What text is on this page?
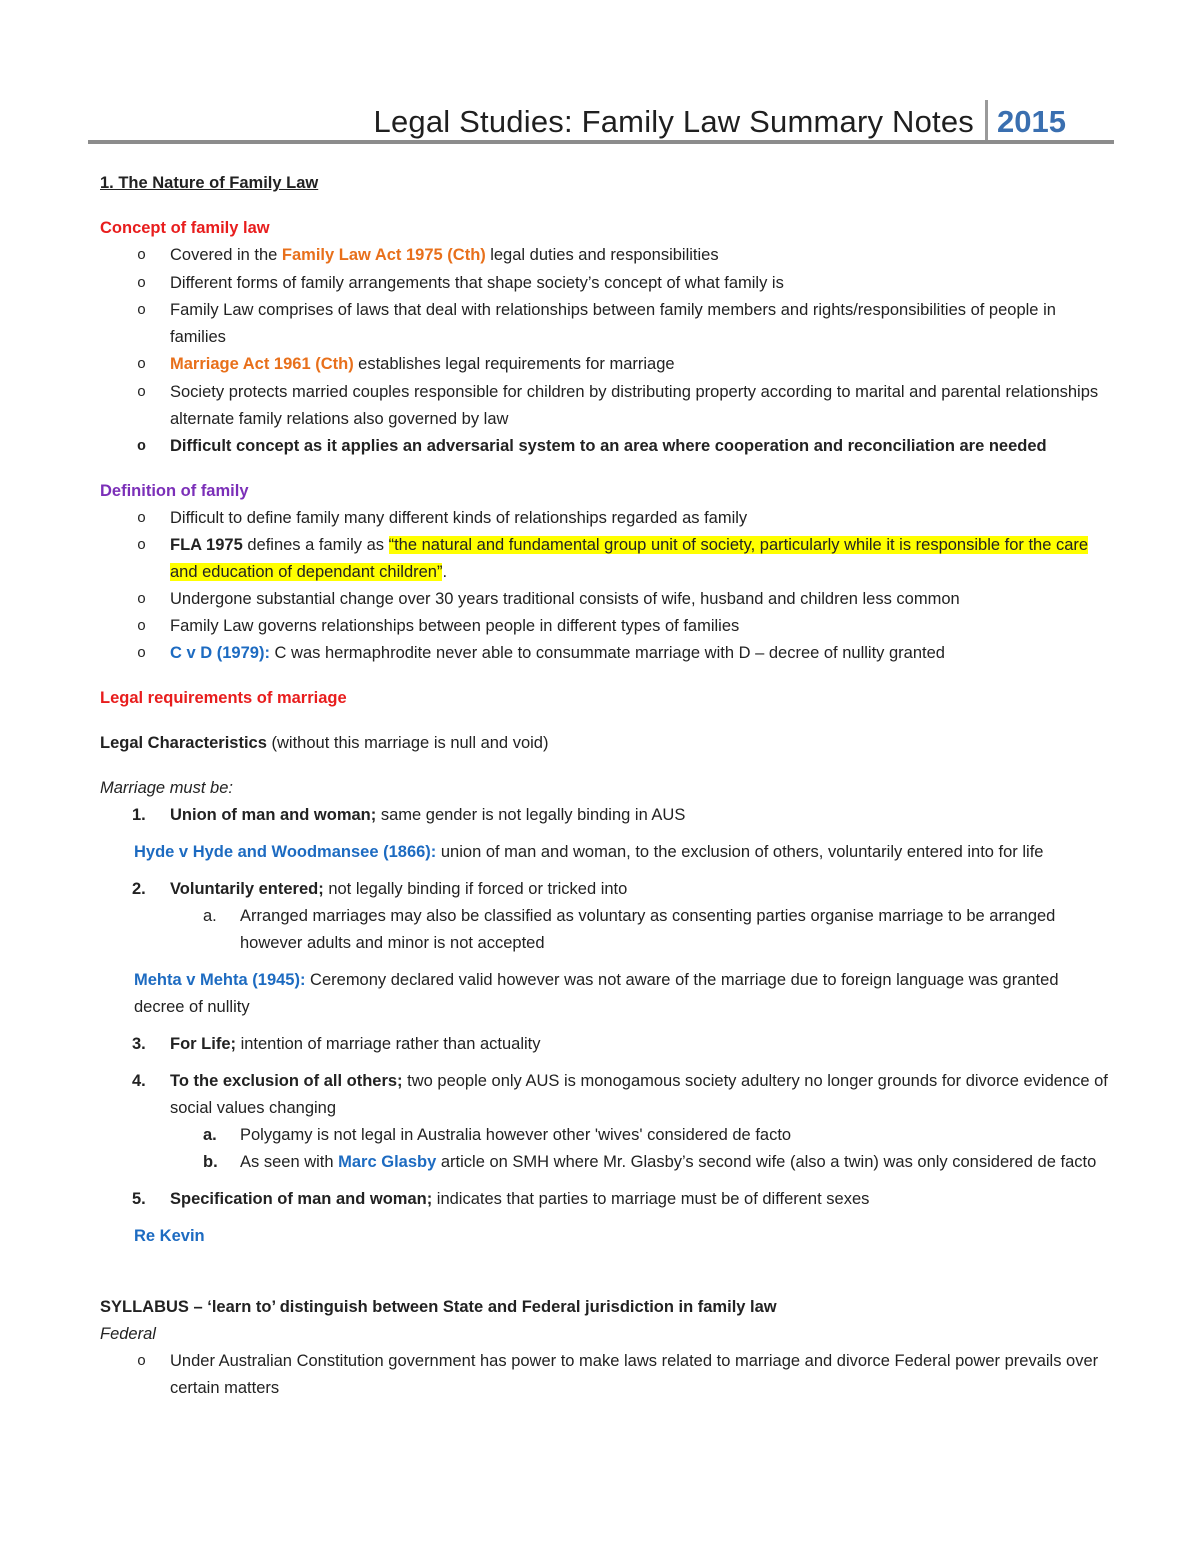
Legal Studies: Family Law Summary Notes 2015
1. The Nature of Family Law
Concept of family law
o Covered in the Family Law Act 1975 (Cth) legal duties and responsibilities
o Different forms of family arrangements that shape society’s concept of what family is
o Family Law comprises of laws that deal with relationships between family members and rights/responsibilities of people in families
o Marriage Act 1961 (Cth) establishes legal requirements for marriage
o Society protects married couples responsible for children by distributing property according to marital and parental relationships alternate family relations also governed by law
o Difficult concept as it applies an adversarial system to an area where cooperation and reconciliation are needed
Definition of family
o Difficult to define family many different kinds of relationships regarded as family
o FLA 1975 defines a family as “the natural and fundamental group unit of society, particularly while it is responsible for the care and education of dependant children”.
o Undergone substantial change over 30 years traditional consists of wife, husband and children less common
o Family Law governs relationships between people in different types of families
o C v D (1979): C was hermaphrodite never able to consummate marriage with D – decree of nullity granted
Legal requirements of marriage
Legal Characteristics (without this marriage is null and void)
Marriage must be:
1. Union of man and woman; same gender is not legally binding in AUS
Hyde v Hyde and Woodmansee (1866): union of man and woman, to the exclusion of others, voluntarily entered into for life
2. Voluntarily entered; not legally binding if forced or tricked into
a. Arranged marriages may also be classified as voluntary as consenting parties organise marriage to be arranged however adults and minor is not accepted
Mehta v Mehta (1945): Ceremony declared valid however was not aware of the marriage due to foreign language was granted decree of nullity
3. For Life; intention of marriage rather than actuality
4. To the exclusion of all others; two people only AUS is monogamous society adultery no longer grounds for divorce evidence of social values changing
a. Polygamy is not legal in Australia however other 'wives' considered de facto
b. As seen with Marc Glasby article on SMH where Mr. Glasby’s second wife (also a twin) was only considered de facto
5. Specification of man and woman; indicates that parties to marriage must be of different sexes
Re Kevin
SYLLABUS – ‘learn to’ distinguish between State and Federal jurisdiction in family law
Federal
o Under Australian Constitution government has power to make laws related to marriage and divorce Federal power prevails over certain matters
